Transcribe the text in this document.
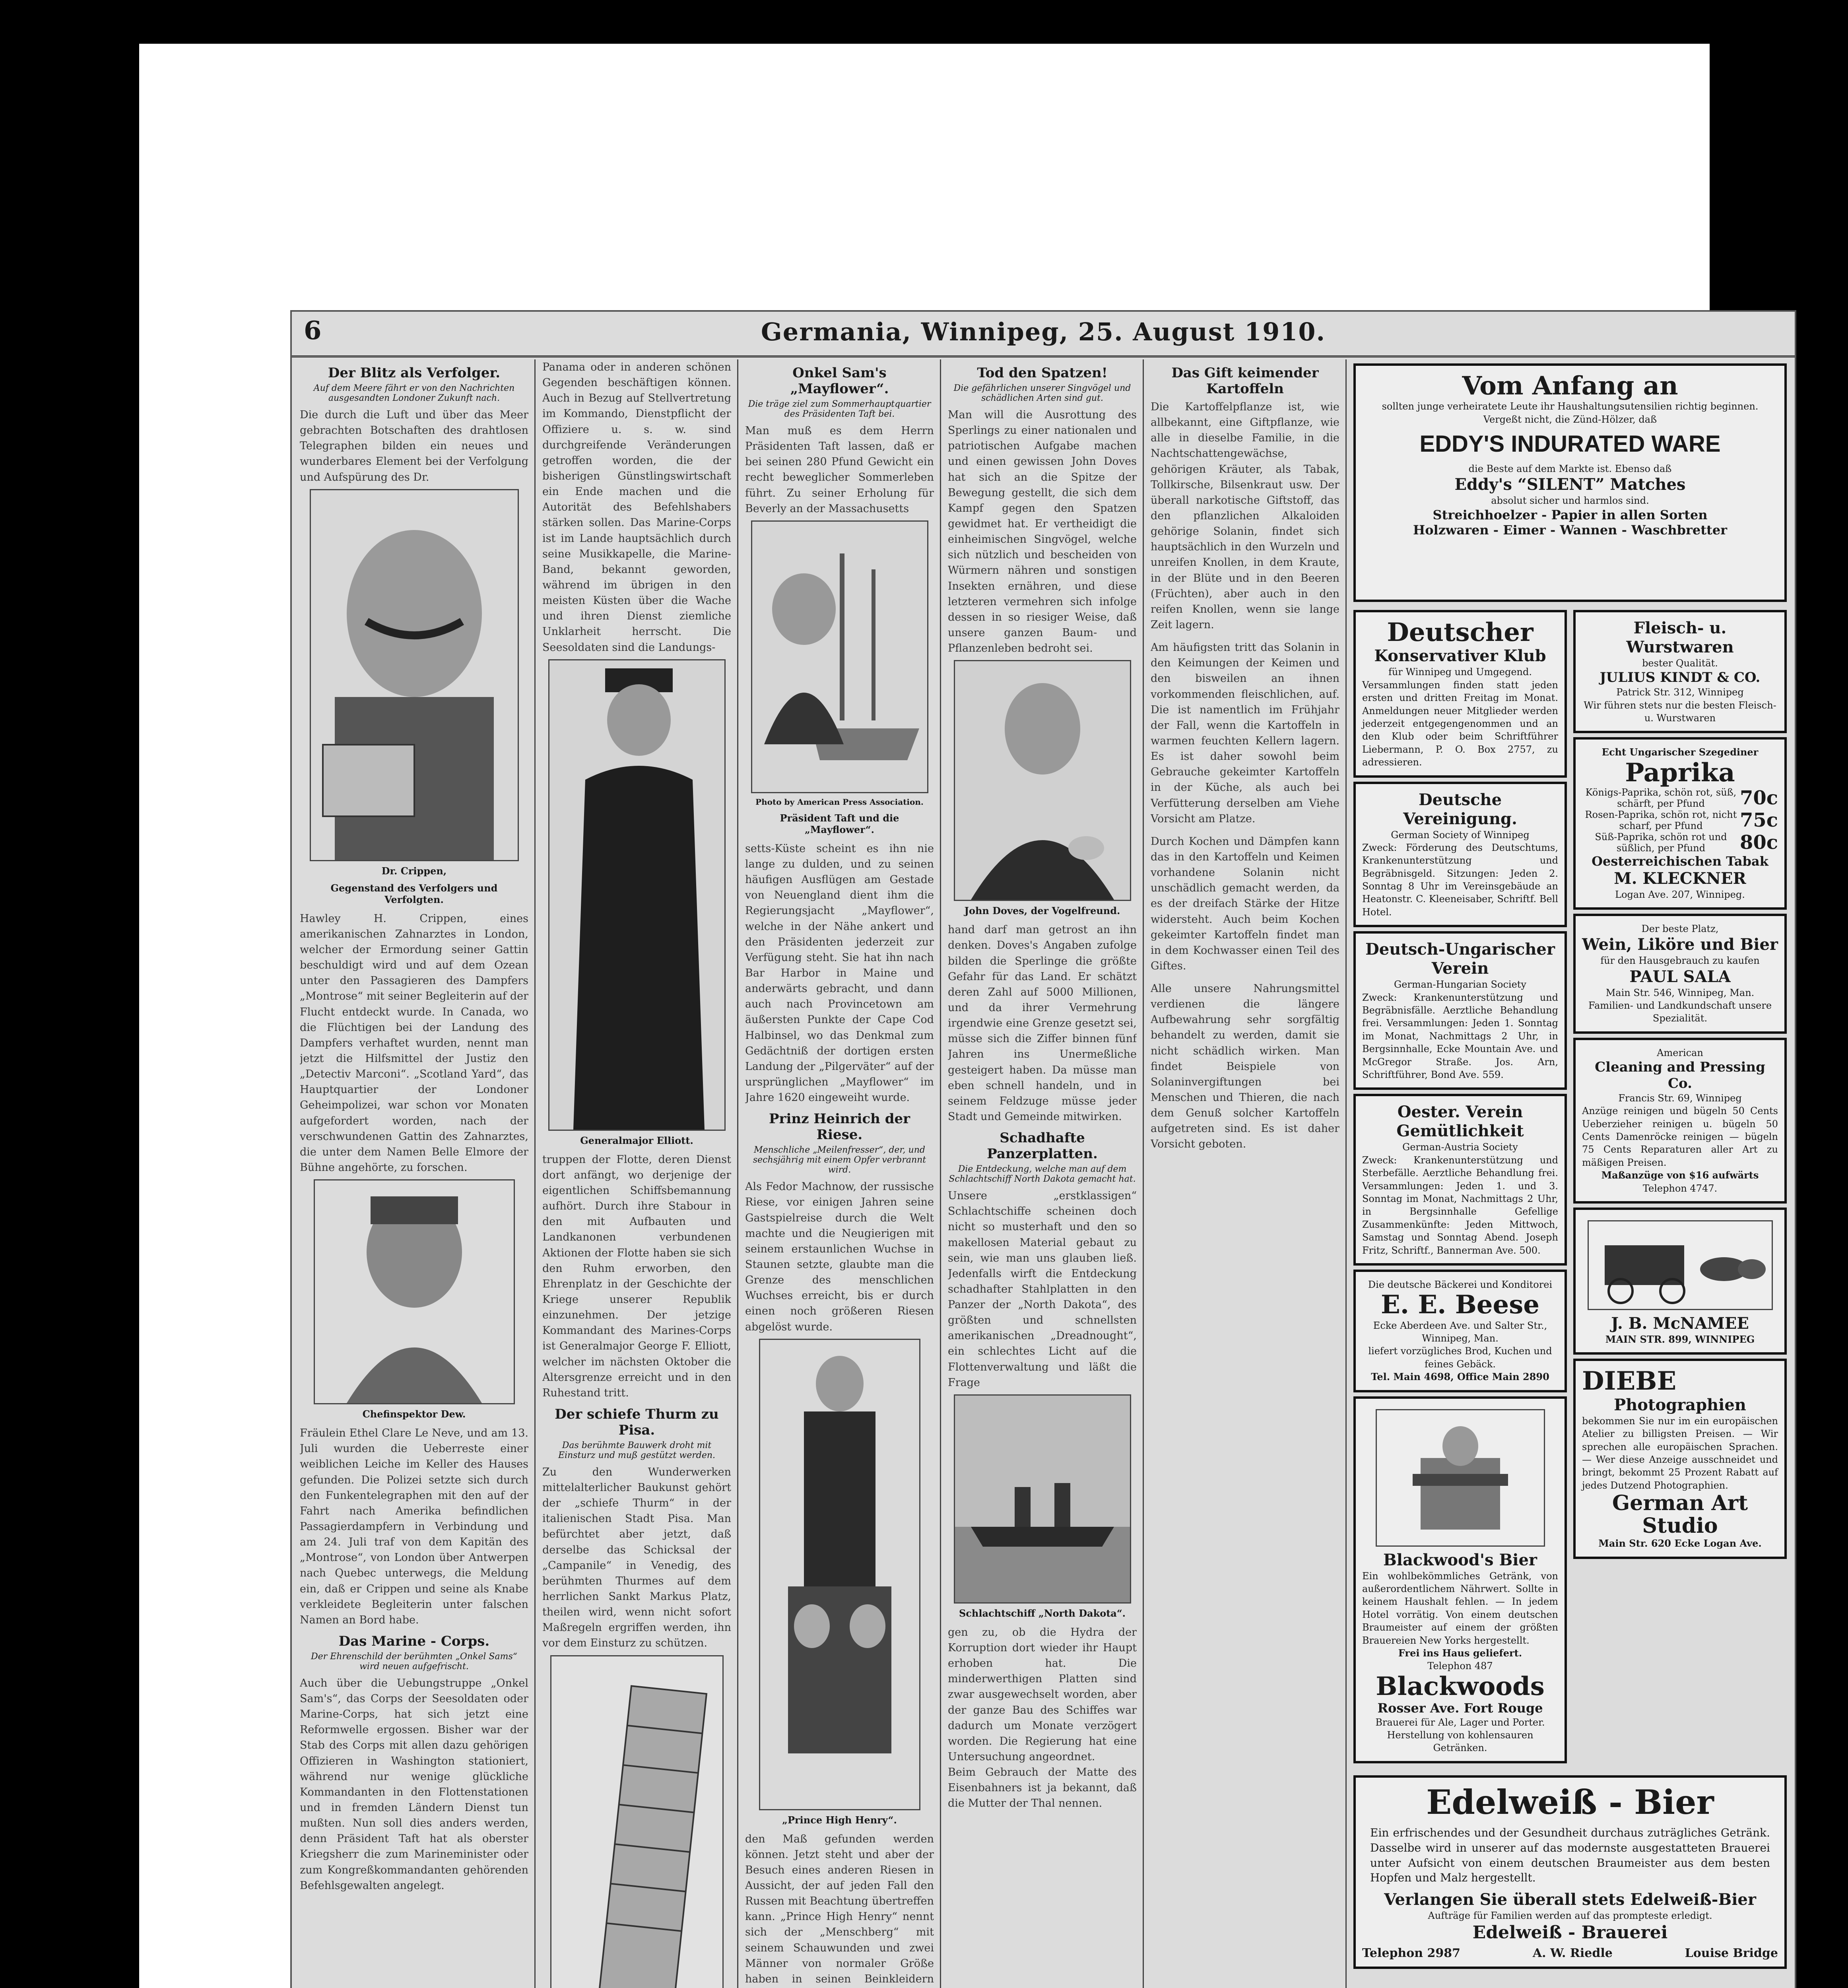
6	Germania, Winnipeg, 25. August 1910.
Der Blitz als Verfolger.
Auf dem Meere fährt er von den Nachrichten ausgesandten Londoner Zukunft nach.
Die durch die Luft und über das Meer gebrachten Botschaften des drahtlosen Telegraphen bilden ein neues und wunderbares Element bei der Verfolgung und Aufspürung des Dr.
Dr. Crippen,
Gegenstand des Verfolgers und Verfolgten.
Hawley H. Crippen, eines amerikanischen Zahnarztes in London, welcher der Ermordung seiner Gattin beschuldigt wird und auf dem Ozean unter den Passagieren des Dampfers „Montrose“ mit seiner Begleiterin auf der Flucht entdeckt wurde. In Canada, wo die Flüchtigen bei der Landung des Dampfers verhaftet wurden, nennt man jetzt die Hilfsmittel der Justiz den „Detectiv Marconi“. „Scotland Yard“, das Hauptquartier der Londoner Geheimpolizei, war schon vor Monaten aufgefordert worden, nach der verschwundenen Gattin des Zahnarztes, die unter dem Namen Belle Elmore der Bühne angehörte, zu forschen.
Chefinspektor Dew.
Fräulein Ethel Clare Le Neve, und am 13. Juli wurden die Ueberreste einer weiblichen Leiche im Keller des Hauses gefunden. Die Polizei setzte sich durch den Funkentelegraphen mit den auf der Fahrt nach Amerika befindlichen Passagierdampfern in Verbindung und am 24. Juli traf von dem Kapitän des „Montrose“, von London über Antwerpen nach Quebec unterwegs, die Meldung ein, daß er Crippen und seine als Knabe verkleidete Begleiterin unter falschen Namen an Bord habe.
Das Marine - Corps.
Der Ehrenschild der berühmten „Onkel Sams“ wird neuen aufgefrischt.
Auch über die Uebungstruppe „Onkel Sam's“, das Corps der Seesoldaten oder Marine-Corps, hat sich jetzt eine Reformwelle ergossen. Bisher war der Stab des Corps mit allen dazu gehörigen Offizieren in Washington stationiert, während nur wenige glückliche Kommandanten in den Flottenstationen und in fremden Ländern Dienst tun mußten. Nun soll dies anders werden, denn Präsident Taft hat als oberster Kriegsherr die zum Marineminister oder zum Kongreßkommandanten gehörenden Befehlsgewalten angelegt.
Panama oder in anderen schönen Gegenden beschäftigen können. Auch in Bezug auf Stellvertretung im Kommando, Dienstpflicht der Offiziere u. s. w. sind durchgreifende Veränderungen getroffen worden, die der bisherigen Günstlingswirtschaft ein Ende machen und die Autorität des Befehlshabers stärken sollen. Das Marine-Corps ist im Lande hauptsächlich durch seine Musikkapelle, die Marine-Band, bekannt geworden, während im übrigen in den meisten Küsten über die Wache und ihren Dienst ziemliche Unklarheit herrscht. Die Seesoldaten sind die Landungs-
Generalmajor Elliott.
truppen der Flotte, deren Dienst dort anfängt, wo derjenige der eigentlichen Schiffsbemannung aufhört. Durch ihre Stabour in den mit Aufbauten und Landkanonen verbundenen Aktionen der Flotte haben sie sich den Ruhm erworben, den Ehrenplatz in der Geschichte der Kriege unserer Republik einzunehmen. Der jetzige Kommandant des Marines-Corps ist Generalmajor George F. Elliott, welcher im nächsten Oktober die Altersgrenze erreicht und in den Ruhestand tritt.
Der schiefe Thurm zu Pisa.
Das berühmte Bauwerk droht mit Einsturz und muß gestützt werden.
Zu den Wunderwerken mittelalterlicher Baukunst gehört der „schiefe Thurm“ in der italienischen Stadt Pisa. Man befürchtet aber jetzt, daß derselbe das Schicksal der „Campanile“ in Venedig, des berühmten Thurmes auf dem herrlichen Sankt Markus Platz, theilen wird, wenn nicht sofort Maßregeln ergriffen werden, ihn vor dem Einsturz zu schützen.
Onkel Sam's „Mayflower“.
Die träge ziel zum Sommerhauptquartier des Präsidenten Taft bei.
Man muß es dem Herrn Präsidenten Taft lassen, daß er bei seinen 280 Pfund Gewicht ein recht beweglicher Sommerleben führt. Zu seiner Erholung für Beverly an der Massachusetts
Photo by American Press Association.
Präsident Taft und die „Mayflower“.
setts-Küste scheint es ihn nie lange zu dulden, und zu seinen häufigen Ausflügen am Gestade von Neuengland dient ihm die Regierungsjacht „Mayflower“, welche in der Nähe ankert und den Präsidenten jederzeit zur Verfügung steht. Sie hat ihn nach Bar Harbor in Maine und anderwärts gebracht, und dann auch nach Provincetown am äußersten Punkte der Cape Cod Halbinsel, wo das Denkmal zum Gedächtniß der dortigen ersten Landung der „Pilgerväter“ auf der ursprünglichen „Mayflower“ im Jahre 1620 eingeweiht wurde.
Prinz Heinrich der Riese.
Menschliche „Meilenfresser“, der, und sechsjährig mit einem Opfer verbrannt wird.
Als Fedor Machnow, der russische Riese, vor einigen Jahren seine Gastspielreise durch die Welt machte und die Neugierigen mit seinem erstaunlichen Wuchse in Staunen setzte, glaubte man die Grenze des menschlichen Wuchses erreicht, bis er durch einen noch größeren Riesen abgelöst wurde.
„Prince High Henry“.
den Maß gefunden werden können. Jetzt steht und aber der Besuch eines anderen Riesen in Aussicht, der auf jeden Fall den Russen mit Beachtung übertreffen kann. „Prince High Henry“ nennt sich der „Menschberg“ mit seinem Schauwunden und zwei Männer von normaler Größe haben in seinen Beinkleidern
Tod den Spatzen!
Die gefährlichen unserer Singvögel und schädlichen Arten sind gut.
Man will die Ausrottung des Sperlings zu einer nationalen und patriotischen Aufgabe machen und einen gewissen John Doves hat sich an die Spitze der Bewegung gestellt, die sich dem Kampf gegen den Spatzen gewidmet hat. Er vertheidigt die einheimischen Singvögel, welche sich nützlich und bescheiden von Würmern nähren und sonstigen Insekten ernähren, und diese letzteren vermehren sich infolge dessen in so riesiger Weise, daß unsere ganzen Baum- und Pflanzenleben bedroht sei.
John Doves, der Vogelfreund.
hand darf man getrost an ihn denken. Doves's Angaben zufolge bilden die Sperlinge die größte Gefahr für das Land. Er schätzt deren Zahl auf 5000 Millionen, und da ihrer Vermehrung irgendwie eine Grenze gesetzt sei, müsse sich die Ziffer binnen fünf Jahren ins Unermeßliche gesteigert haben. Da müsse man eben schnell handeln, und in seinem Feldzuge müsse jeder Stadt und Gemeinde mitwirken.
Schadhafte Panzerplatten.
Die Entdeckung, welche man auf dem Schlachtschiff North Dakota gemacht hat.
Unsere „erstklassigen“ Schlachtschiffe scheinen doch nicht so musterhaft und den so makellosen Material gebaut zu sein, wie man uns glauben ließ. Jedenfalls wirft die Entdeckung schadhafter Stahlplatten in den Panzer der „North Dakota“, des größten und schnellsten amerikanischen „Dreadnought“, ein schlechtes Licht auf die Flottenverwaltung und läßt die Frage
Schlachtschiff „North Dakota“.
gen zu, ob die Hydra der Korruption dort wieder ihr Haupt erhoben hat. Die minderwerthigen Platten sind zwar ausgewechselt worden, aber der ganze Bau des Schiffes war dadurch um Monate verzögert worden. Die Regierung hat eine Untersuchung angeordnet.
Beim Gebrauch der Matte des Eisenbahners ist ja bekannt, daß die Mutter der Thal nennen.
Das Gift keimender Kartoffeln
Die Kartoffelpflanze ist, wie allbekannt, eine Giftpflanze, wie alle in dieselbe Familie, in die Nachtschattengewächse, gehörigen Kräuter, als Tabak, Tollkirsche, Bilsenkraut usw. Der überall narkotische Giftstoff, das den pflanzlichen Alkaloiden gehörige Solanin, findet sich hauptsächlich in den Wurzeln und unreifen Knollen, in dem Kraute, in der Blüte und in den Beeren (Früchten), aber auch in den reifen Knollen, wenn sie lange Zeit lagern.
Am häufigsten tritt das Solanin in den Keimungen der Keimen und den bisweilen an ihnen vorkommenden fleischlichen, auf. Die ist namentlich im Frühjahr der Fall, wenn die Kartoffeln in warmen feuchten Kellern lagern. Es ist daher sowohl beim Gebrauche gekeimter Kartoffeln in der Küche, als auch bei Verfütterung derselben am Viehe Vorsicht am Platze.
Durch Kochen und Dämpfen kann das in den Kartoffeln und Keimen vorhandene Solanin nicht unschädlich gemacht werden, da es der dreifach Stärke der Hitze widersteht. Auch beim Kochen gekeimter Kartoffeln findet man in dem Kochwasser einen Teil des Giftes.
Alle unsere Nahrungsmittel verdienen die längere Aufbewahrung sehr sorgfältig behandelt zu werden, damit sie nicht schädlich wirken. Man findet Beispiele von Solaninvergiftungen bei Menschen und Thieren, die nach dem Genuß solcher Kartoffeln aufgetreten sind. Es ist daher Vorsicht geboten.
Vom Anfang an
sollten junge verheiratete Leute ihr Haushaltungsutensilien richtig beginnen. Vergeßt nicht, die Zünd-Hölzer, daß
EDDY'S INDURATED WARE
die Beste auf dem Markte ist. Ebenso daß
Eddy's “SILENT” Matches
absolut sicher und harmlos sind.
Streichhoelzer - Papier in allen Sorten
Holzwaren - Eimer - Wannen - Waschbretter
Deutscher
Konservativer Klub
für Winnipeg und Umgegend.
Versammlungen finden statt jeden ersten und dritten Freitag im Monat. Anmeldungen neuer Mitglieder werden jederzeit entgegengenommen und an den Klub oder beim Schriftführer Liebermann, P. O. Box 2757, zu adressieren.
Deutsche Vereinigung.
German Society of Winnipeg
Zweck: Förderung des Deutschtums, Krankenunterstützung und Begräbnisgeld. Sitzungen: Jeden 2. Sonntag 8 Uhr im Vereinsgebäude an Heatonstr. C. Kleeneisaber, Schriftf. Bell Hotel.
Deutsch-Ungarischer Verein
German-Hungarian Society
Zweck: Krankenunterstützung und Begräbnisfälle. Aerztliche Behandlung frei. Versammlungen: Jeden 1. Sonntag im Monat, Nachmittags 2 Uhr, in Bergsinnhalle, Ecke Mountain Ave. und McGregor Straße. Jos. Arn, Schriftführer, Bond Ave. 559.
Oester. Verein Gemütlichkeit
German-Austria Society
Zweck: Krankenunterstützung und Sterbefälle. Aerztliche Behandlung frei. Versammlungen: Jeden 1. und 3. Sonntag im Monat, Nachmittags 2 Uhr, in Bergsinnhalle Gefellige Zusammenkünfte: Jeden Mittwoch, Samstag und Sonntag Abend. Joseph Fritz, Schriftf., Bannerman Ave. 500.
Die deutsche Bäckerei und Konditorei
E. E. Beese
Ecke Aberdeen Ave. und Salter Str., Winnipeg, Man.
liefert vorzügliches Brod, Kuchen und feines Gebäck.
Tel. Main 4698, Office Main 2890
Blackwood's Bier
Ein wohlbekömmliches Getränk, von außerordentlichem Nährwert. Sollte in keinem Haushalt fehlen. — In jedem Hotel vorrätig. Von einem deutschen Braumeister auf einem der größten Brauereien New Yorks hergestellt.
Frei ins Haus geliefert.
Telephon 487
Blackwoods
Rosser Ave. Fort Rouge
Brauerei für Ale, Lager und Porter. Herstellung von kohlensauren Getränken.
Fleisch- u. Wurstwaren
bester Qualität.
JULIUS KINDT & CO.
Patrick Str. 312, Winnipeg
Wir führen stets nur die besten Fleisch- u. Wurstwaren
Echt Ungarischer Szegediner
Paprika
Königs-Paprika, schön rot, süß, schärft, per Pfund	70c
Rosen-Paprika, schön rot, nicht scharf, per Pfund	75c
Süß-Paprika, schön rot und süßlich, per Pfund	80c
Oesterreichischen Tabak
M. KLECKNER
Logan Ave. 207, Winnipeg.
Der beste Platz,
Wein, Liköre und Bier
für den Hausgebrauch zu kaufen
PAUL SALA
Main Str. 546, Winnipeg, Man.
Familien- und Landkundschaft unsere Spezialität.
American
Cleaning and Pressing Co.
Francis Str. 69, Winnipeg
Anzüge reinigen und bügeln 50 Cents Ueberzieher reinigen u. bügeln 50 Cents Damenröcke reinigen — bügeln 75 Cents Reparaturen aller Art zu mäßigen Preisen.
Maßanzüge von $16 aufwärts
Telephon 4747.
J. B. McNAMEE
MAIN STR. 899, WINNIPEG
DIEBE
Photographien
bekommen Sie nur im ein europäischen Atelier zu billigsten Preisen. — Wir sprechen alle europäischen Sprachen. — Wer diese Anzeige ausschneidet und bringt, bekommt 25 Prozent Rabatt auf jedes Dutzend Photographien.
German Art Studio
Main Str. 620 Ecke Logan Ave.
Edelweiß - Bier
Ein erfrischendes und der Gesundheit durchaus zuträgliches Getränk. Dasselbe wird in unserer auf das modernste ausgestatteten Brauerei unter Aufsicht von einem deutschen Braumeister aus dem besten Hopfen und Malz hergestellt.
Verlangen Sie überall stets Edelweiß-Bier
Aufträge für Familien werden auf das prompteste erledigt.
Edelweiß - Brauerei
Telephon 2987	A. W. Riedle	Louise Bridge
